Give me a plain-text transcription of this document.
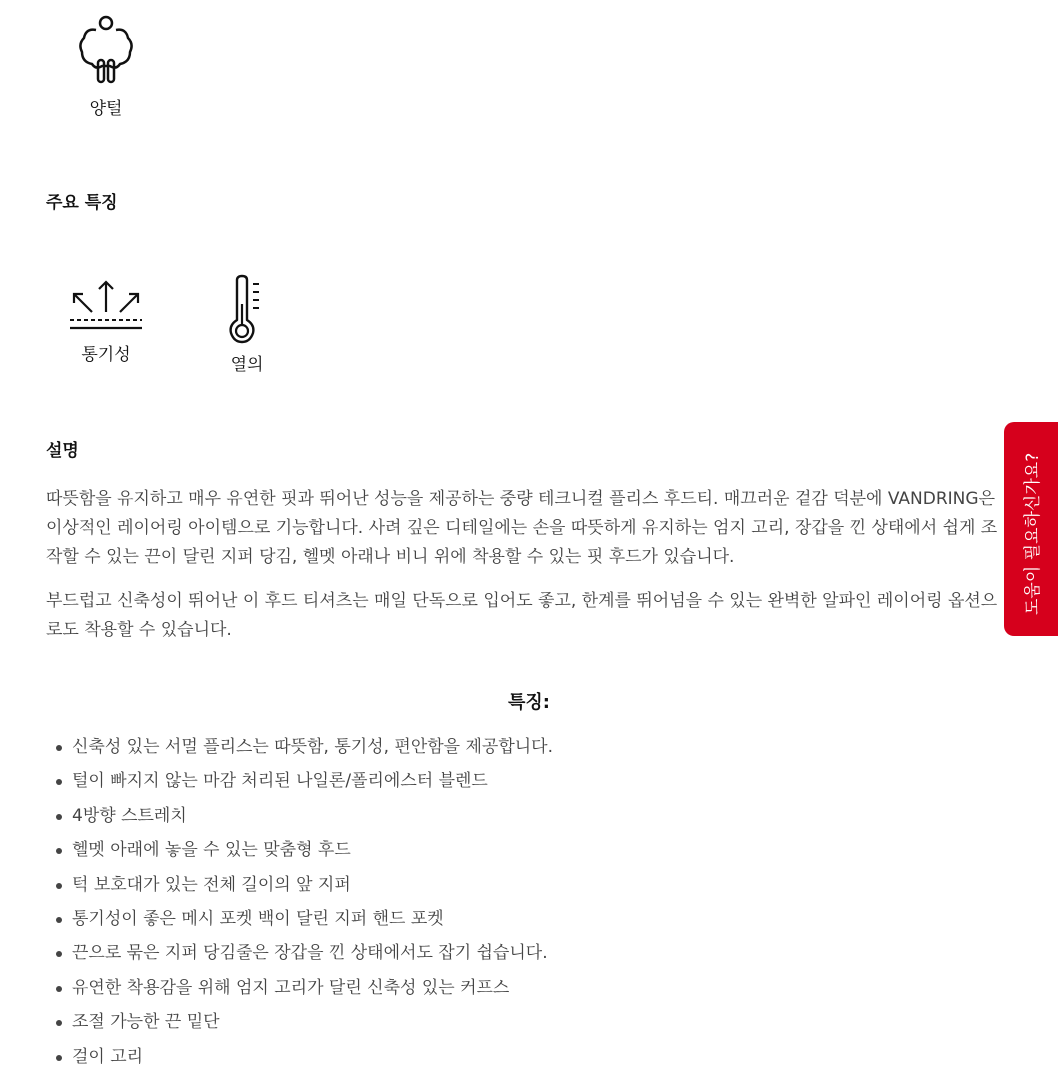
양털
주요 특징
통기성	열의
설명
따뜻함을 유지하고 매우 유연한 핏과 뛰어난 성능을 제공하는 중량 테크니컬 플리스 후드티. 매끄러운 겉감 덕분에 VANDRING은
이상적인 레이어링 아이템으로 기능합니다. 사려 깊은 디테일에는 손을 따뜻하게 유지하는 엄지 고리, 장갑을 낀 상태에서 쉽게 조
작할 수 있는 끈이 달린 지퍼 당김, 헬멧 아래나 비니 위에 착용할 수 있는 핏 후드가 있습니다.
부드럽고 신축성이 뛰어난 이 후드 티셔츠는 매일 단독으로 입어도 좋고, 한계를 뛰어넘을 수 있는 완벽한 알파인 레이어링 옵션으
로도 착용할 수 있습니다.
특징:
신축성 있는 서멀 플리스는 따뜻함, 통기성, 편안함을 제공합니다.
털이 빠지지 않는 마감 처리된 나일론/폴리에스터 블렌드
4방향 스트레치
헬멧 아래에 놓을 수 있는 맞춤형 후드
턱 보호대가 있는 전체 길이의 앞 지퍼
통기성이 좋은 메시 포켓 백이 달린 지퍼 핸드 포켓
끈으로 묶은 지퍼 당김줄은 장갑을 낀 상태에서도 잡기 쉽습니다.
유연한 착용감을 위해 엄지 고리가 달린 신축성 있는 커프스
조절 가능한 끈 밑단
걸이 고리
도움이 필요하신가요?
